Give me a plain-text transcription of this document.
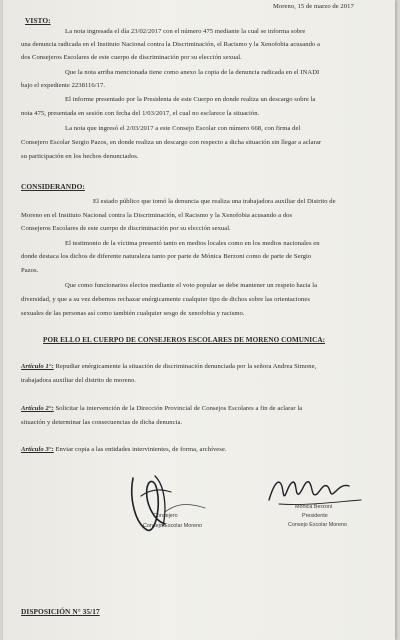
Moreno, 15 de marzo de 2017
VISTO:
La nota ingresada el día 23/02/2017 con el número 475 mediante la cual se informa sobre
una denuncia radicada en el Instituto Nacional contra la Discriminación, el Racismo y la Xenofobia acusando a
dos Consejeros Escolares de este cuerpo de discriminación por su elección sexual.
Que la nota arriba mencionada tiene como anexo la copia de la denuncia radicada en el INADI
bajo el expediente 2238116/17.
El informe presentado por la Presidenta de este Cuerpo en donde realiza un descargo sobre la
nota 475, presentada en sesión con fecha del 1/03/2017, el cual no esclarece la situación.
La nota que ingresó el 2/03/2017 a este Consejo Escolar con número 668, con firma del
Consejero Escolar Sergio Pazos, en donde realiza un descargo con respecto a dicha situación sin llegar a aclarar
su participación en los hechos denunciados.
CONSIDERANDO:
El estado público que tomó la denuncia que realiza una trabajadora auxiliar del Distrito de
Moreno en el Instituto Nacional contra la Discriminación, el Racismo y la Xenofobia acusando a dos
Consejeros Escolares de este cuerpo de discriminación por su elección sexual.
El testimonio de la víctima presentó tanto en medios locales como en los medios nacionales en
donde destaca los dichos de diferente naturaleza tanto por parte de Mónica Berzoni como de parte de Sergio
Pazos.
Que como funcionarios electos mediante el voto popular se debe mantener un respeto hacia la
diversidad, y que a su vez debemos rechazar enérgicamente cualquier tipo de dichos sobre las orientaciones
sexuales de las personas así como también cualquier sesgo de xenofobia y racismo.
POR ELLO EL CUERPO DE CONSEJEROS ESCOLARES DE MORENO COMUNICA:
Artículo 1°: Repudiar enérgicamente la situación de discriminación denunciada por la señora Andrea Simone,
trabajadora auxiliar del distrito de moreno.
Artículo 2°: Solicitar la intervención de la Dirección Provincial de Consejos Escolares a fin de aclarar la
situación y determinar las consecuencias de dicha denuncia.
Artículo 3°: Enviar copia a las entidades intervinientes, de forma, archívese.
Consejero
Consejo Escolar Moreno
Mónica Berzoni
Presidente
Consejo Escolar Moreno
DISPOSICIÓN N° 35/17
